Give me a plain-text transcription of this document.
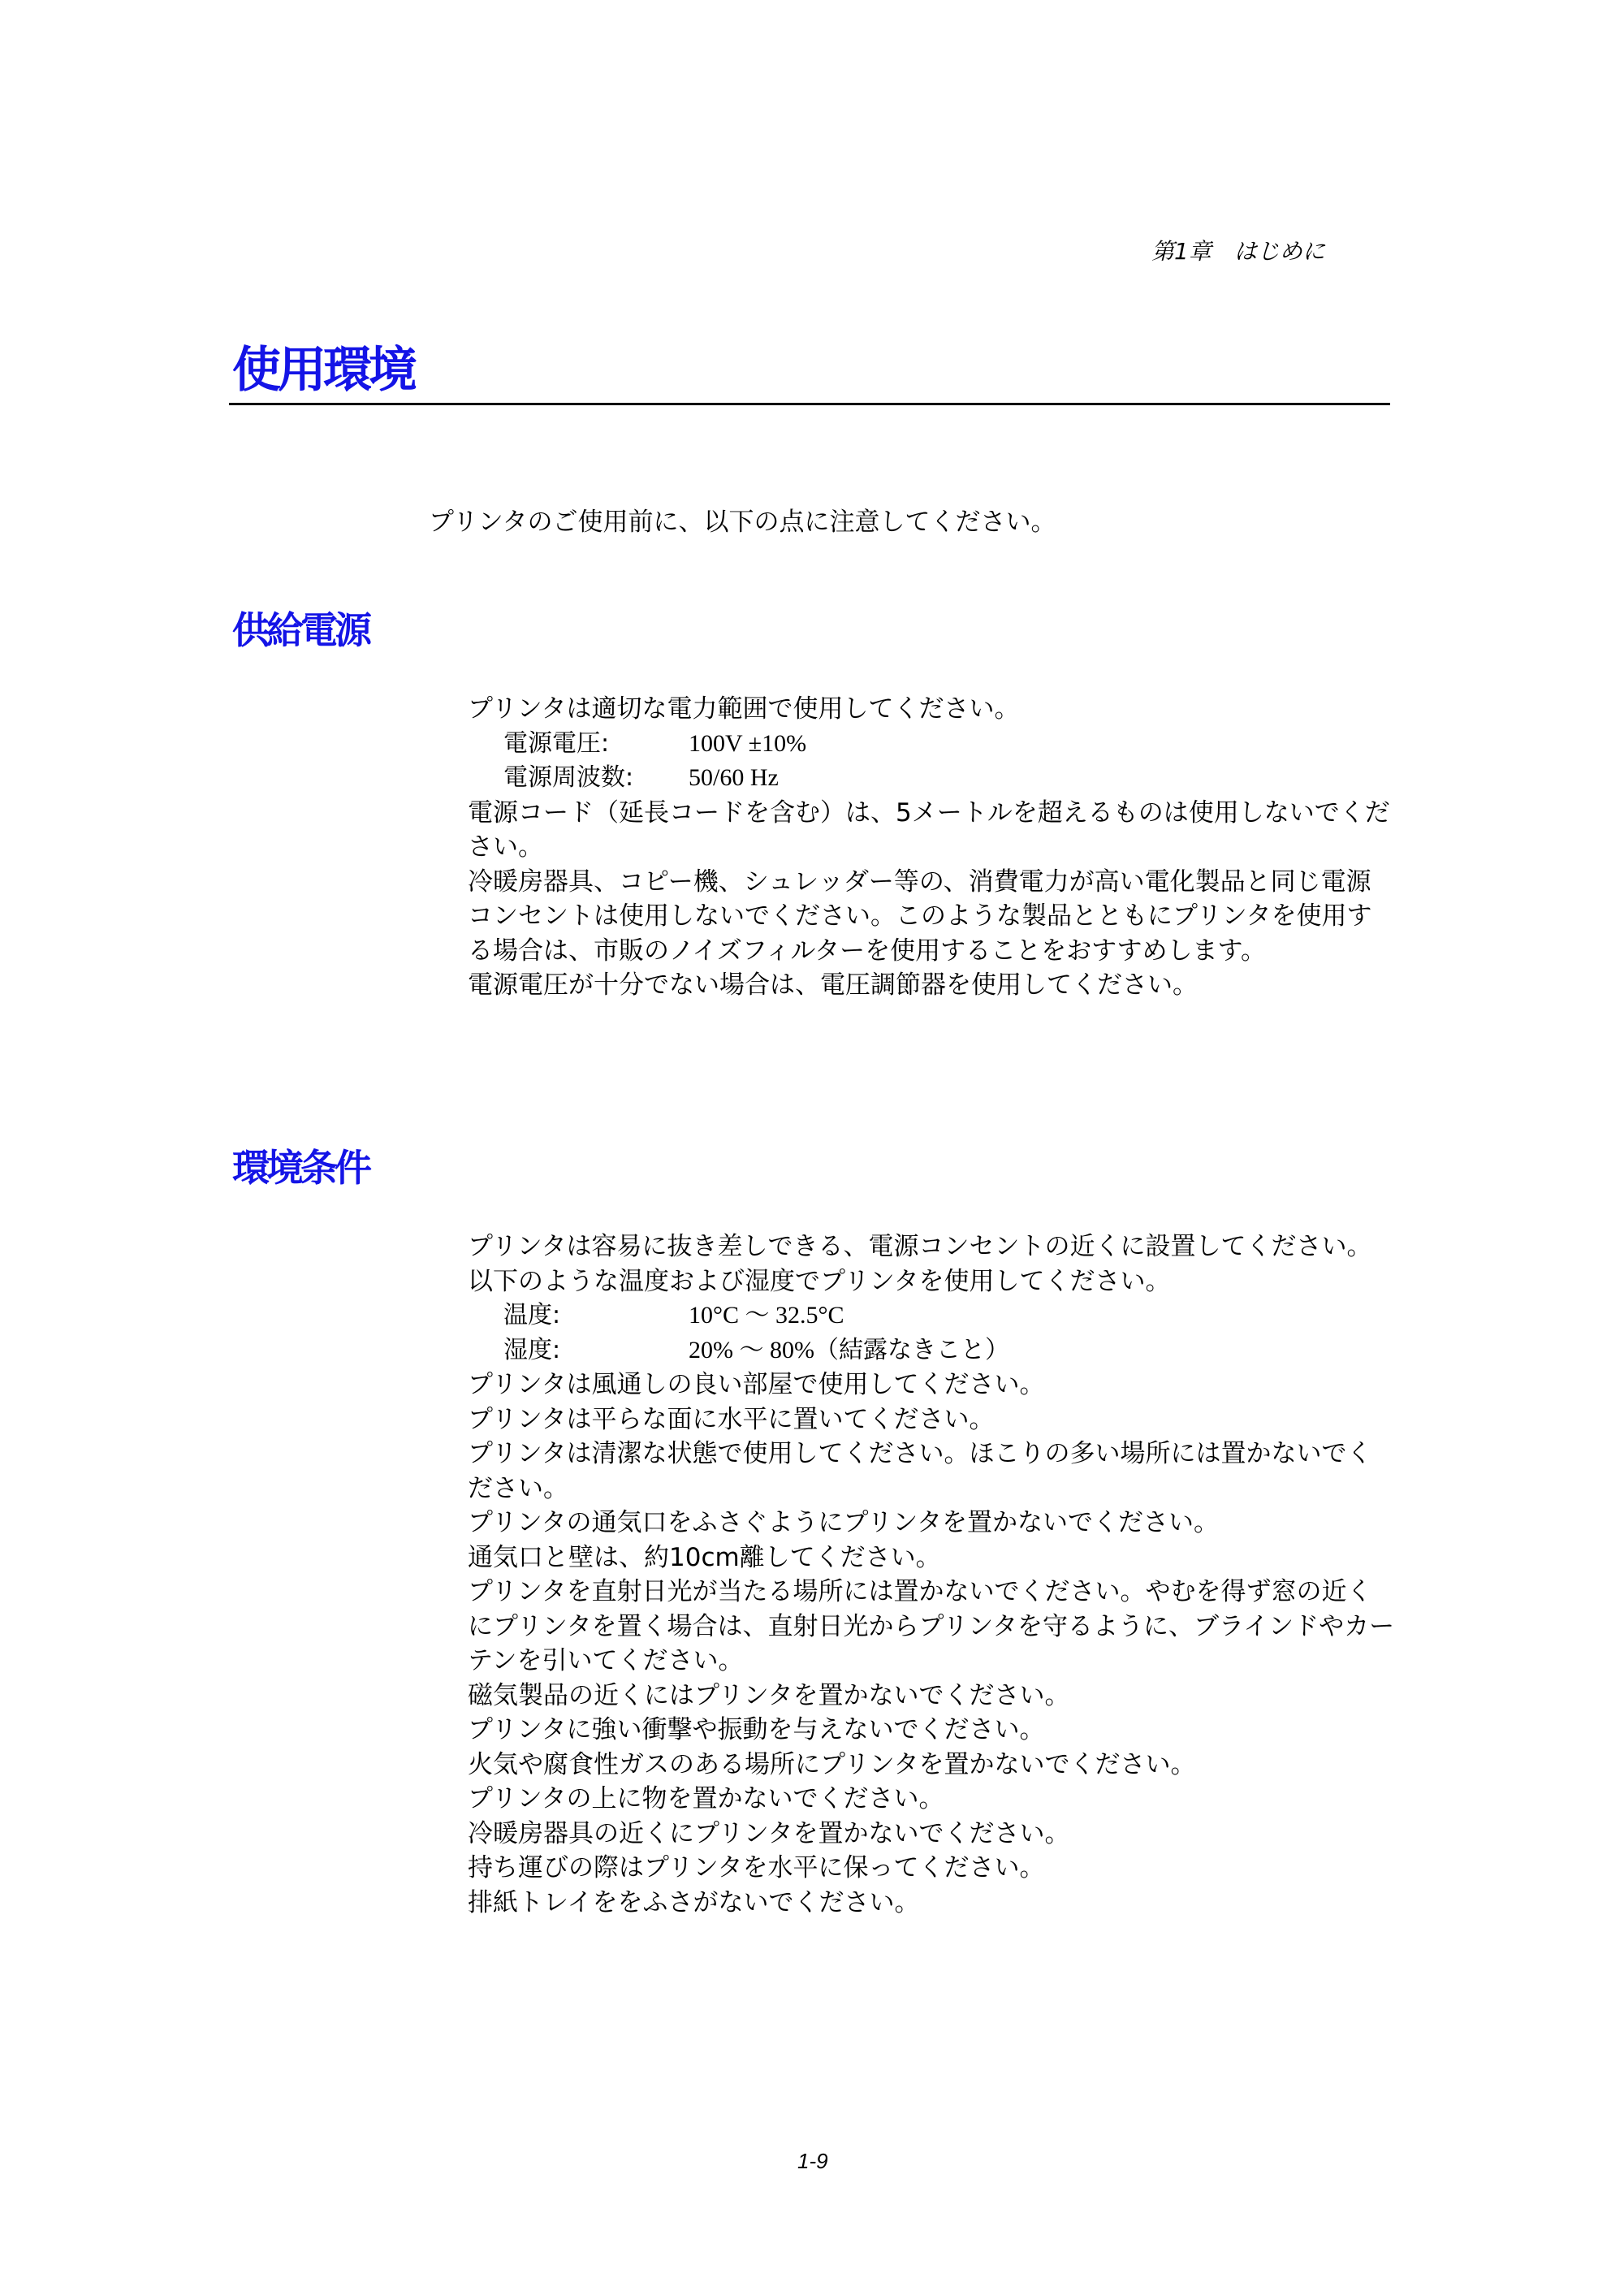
第1章　はじめに
使用環境

プリンタのご使用前に、以下の点に注意してください。

供給電源
プリンタは適切な電力範囲で使用してください。
電源電圧:	100V ±10%
電源周波数:	50/60 Hz
電源コード（延長コードを含む）は、5メートルを超えるものは使用しないでください。
冷暖房器具、コピー機、シュレッダー等の、消費電力が高い電化製品と同じ電源コンセントは使用しないでください。このような製品とともにプリンタを使用する場合は、市販のノイズフィルターを使用することをおすすめします。
電源電圧が十分でない場合は、電圧調節器を使用してください。
環境条件
プリンタは容易に抜き差しできる、電源コンセントの近くに設置してください。
以下のような温度および湿度でプリンタを使用してください。
温度:	10°C ～ 32.5°C
湿度:	20% ～ 80%（結露なきこと）
プリンタは風通しの良い部屋で使用してください。
プリンタは平らな面に水平に置いてください。
プリンタは清潔な状態で使用してください。ほこりの多い場所には置かないでください。
プリンタの通気口をふさぐようにプリンタを置かないでください。
通気口と壁は、約10cm離してください。
プリンタを直射日光が当たる場所には置かないでください。やむを得ず窓の近くにプリンタを置く場合は、直射日光からプリンタを守るように、ブラインドやカーテンを引いてください。
磁気製品の近くにはプリンタを置かないでください。
プリンタに強い衝撃や振動を与えないでください。
火気や腐食性ガスのある場所にプリンタを置かないでください。
プリンタの上に物を置かないでください。
冷暖房器具の近くにプリンタを置かないでください。
持ち運びの際はプリンタを水平に保ってください。
排紙トレイををふさがないでください。
1-9
